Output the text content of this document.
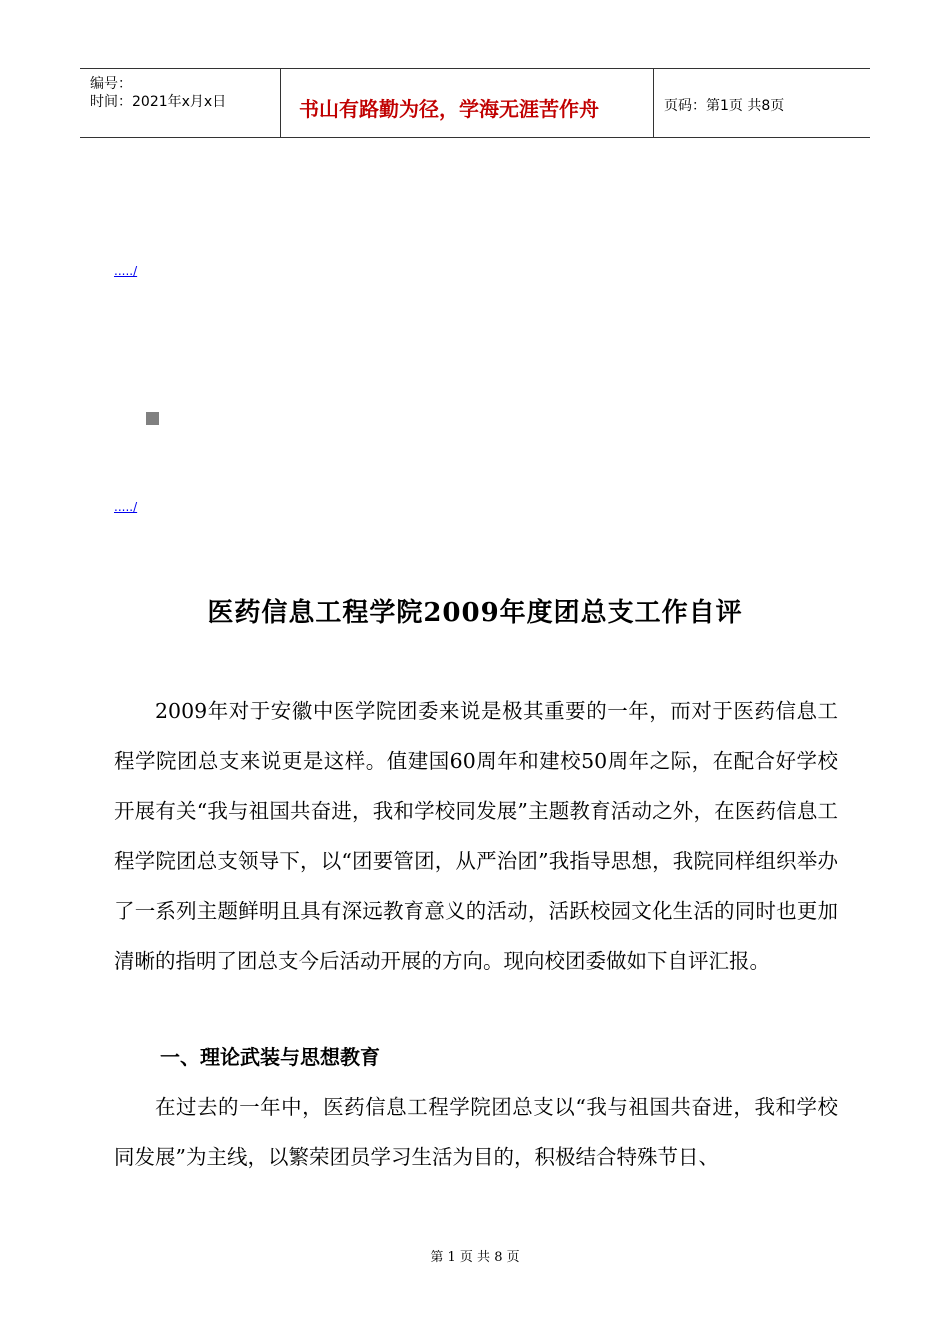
编号：
时间：2021年x月x日	书山有路勤为径，学海无涯苦作舟	页码：第1页 共8页
...../
...../
医药信息工程学院2009年度团总支工作自评

2009年对于安徽中医学院团委来说是极其重要的一年，而对于医药信息工程学院团总支来说更是这样。值建国60周年和建校50周年之际，在配合好学校开展有关“我与祖国共奋进，我和学校同发展”主题教育活动之外，在医药信息工程学院团总支领导下，以“团要管团，从严治团”我指导思想，我院同样组织举办了一系列主题鲜明且具有深远教育意义的活动，活跃校园文化生活的同时也更加清晰的指明了团总支今后活动开展的方向。现向校团委做如下自评汇报。

一、理论武装与思想教育

在过去的一年中，医药信息工程学院团总支以“我与祖国共奋进，我和学校同发展”为主线，以繁荣团员学习生活为目的，积极结合特殊节日、

第 1 页 共 8 页
